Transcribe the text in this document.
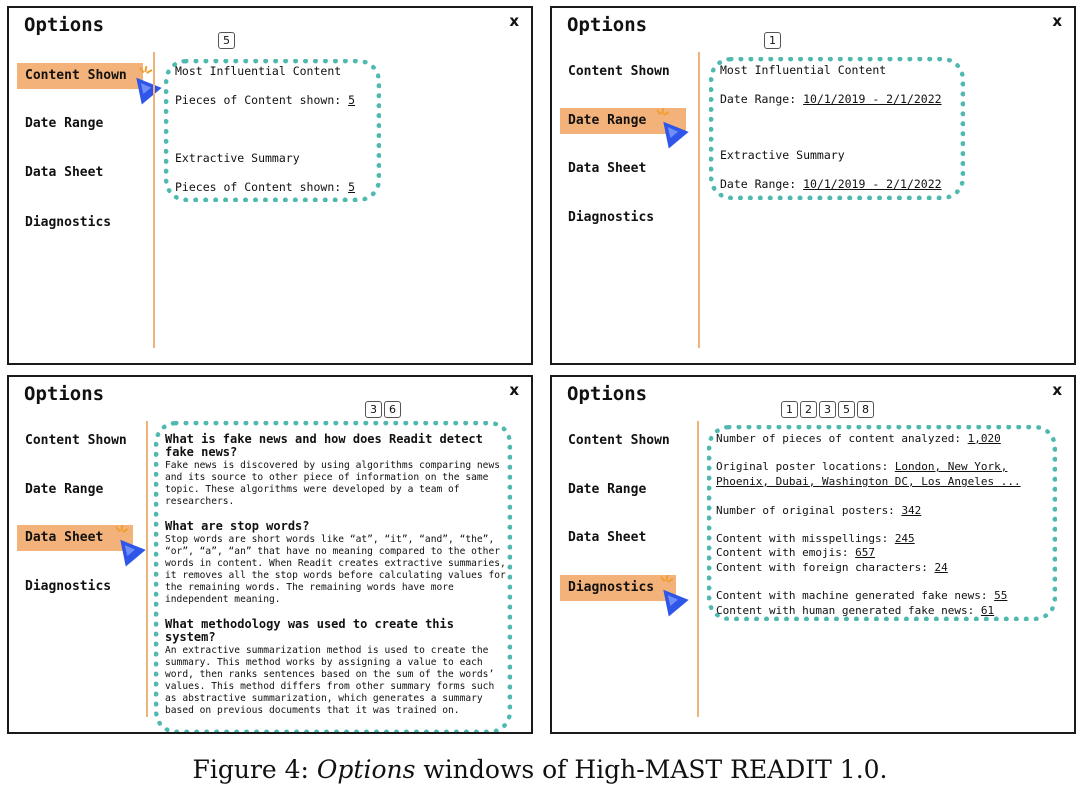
Options	x
Content Shown
Date Range
Data Sheet
Diagnostics
5
Most Influential Content
Pieces of Content shown: 5
Extractive Summary
Pieces of Content shown: 5
Options	x
Content Shown
Date Range
Data Sheet
Diagnostics
1
Most Influential Content
Date Range: 10/1/2019 - 2/1/2022
Extractive Summary
Date Range: 10/1/2019 - 2/1/2022
Options	x
Content Shown
Date Range
Data Sheet
Diagnostics
3	6
What is fake news and how does Readit detect fake news?
Fake news is discovered by using algorithms comparing news and its source to other piece of information on the same topic. These algorithms were developed by a team of researchers.
What are stop words?
Stop words are short words like “at”, “it”, “and”, “the”, “or”, “a”, “an” that have no meaning compared to the other words in content. When Readit creates extractive summaries, it removes all the stop words before calculating values for the remaining words. The remaining words have more independent meaning.
What methodology was used to create this system?
An extractive summarization method is used to create the summary. This method works by assigning a value to each word, then ranks sentences based on the sum of the words’ values. This method differs from other summary forms such as abstractive summarization, which generates a summary based on previous documents that it was trained on.
Options	x
Content Shown
Date Range
Data Sheet
Diagnostics
1	2	3	5	8
Number of pieces of content analyzed: 1,020
Original poster locations: London, New York,
Phoenix, Dubai, Washington DC, Los Angeles ...
Number of original posters: 342
Content with misspellings: 245
Content with emojis: 657
Content with foreign characters: 24
Content with machine generated fake news: 55
Content with human generated fake news: 61
Figure 4: Options windows of High-MAST READIT 1.0.
